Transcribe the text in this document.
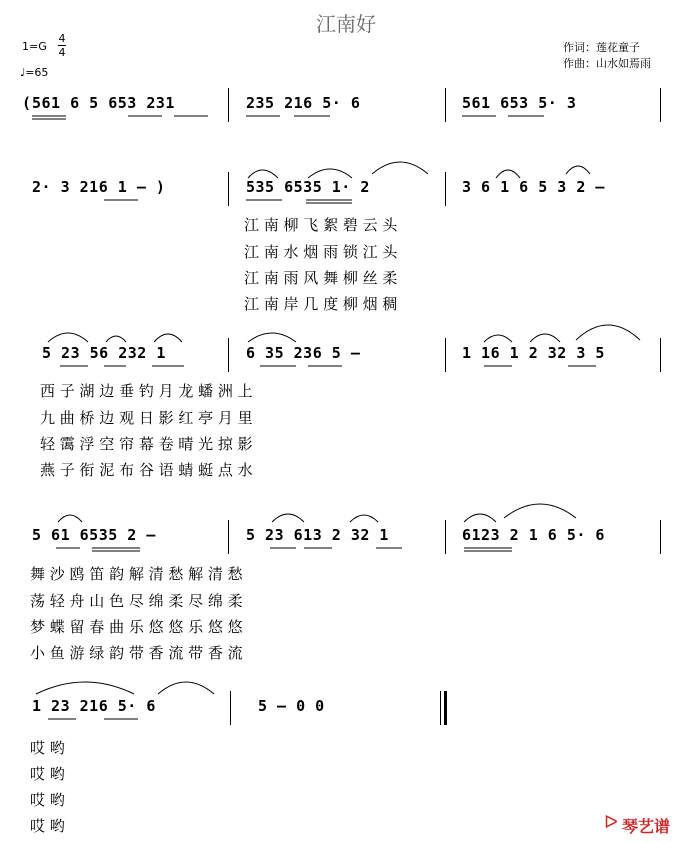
江南好
1=G
4
4
♩=65
作词：莲花童子
作曲：山水如焉雨
( 561 6 5 653 231	235 216 5· 6	561 653 5· 3
2· 3 216 1 – )	535 6535 1· 2	3 6 1 6 5 3 2 –
江 南 柳 飞 絮 碧 云 头
江 南 水 烟 雨 锁 江 头
江 南 雨 风 舞 柳 丝 柔
江 南 岸 几 度 柳 烟 稠
5 23 56 232 1	6 35 236 5 –	1 16 1 2 32 3 5
西 子 湖 边 垂 钓 月 龙 蟠 洲 上
九 曲 桥 边 观 日 影 红 亭 月 里
轻 霭 浮 空 帘 幕 卷 晴 光 掠 影
燕 子 衔 泥 布 谷 语 蜻 蜓 点 水
5 61 6535 2 –	5 23 613 2 32 1	6123 2 1 6 5· 6
舞 沙 鸥 笛 韵 解 清 愁 解 清 愁
荡 轻 舟 山 色 尽 绵 柔 尽 绵 柔
梦 蝶 留 春 曲 乐 悠 悠 乐 悠 悠
小 鱼 游 绿 韵 带 香 流 带 香 流
1 23 216 5· 6	5 – 0 0
哎 哟
哎 哟
哎 哟
哎 哟	ᐅ 琴艺谱
